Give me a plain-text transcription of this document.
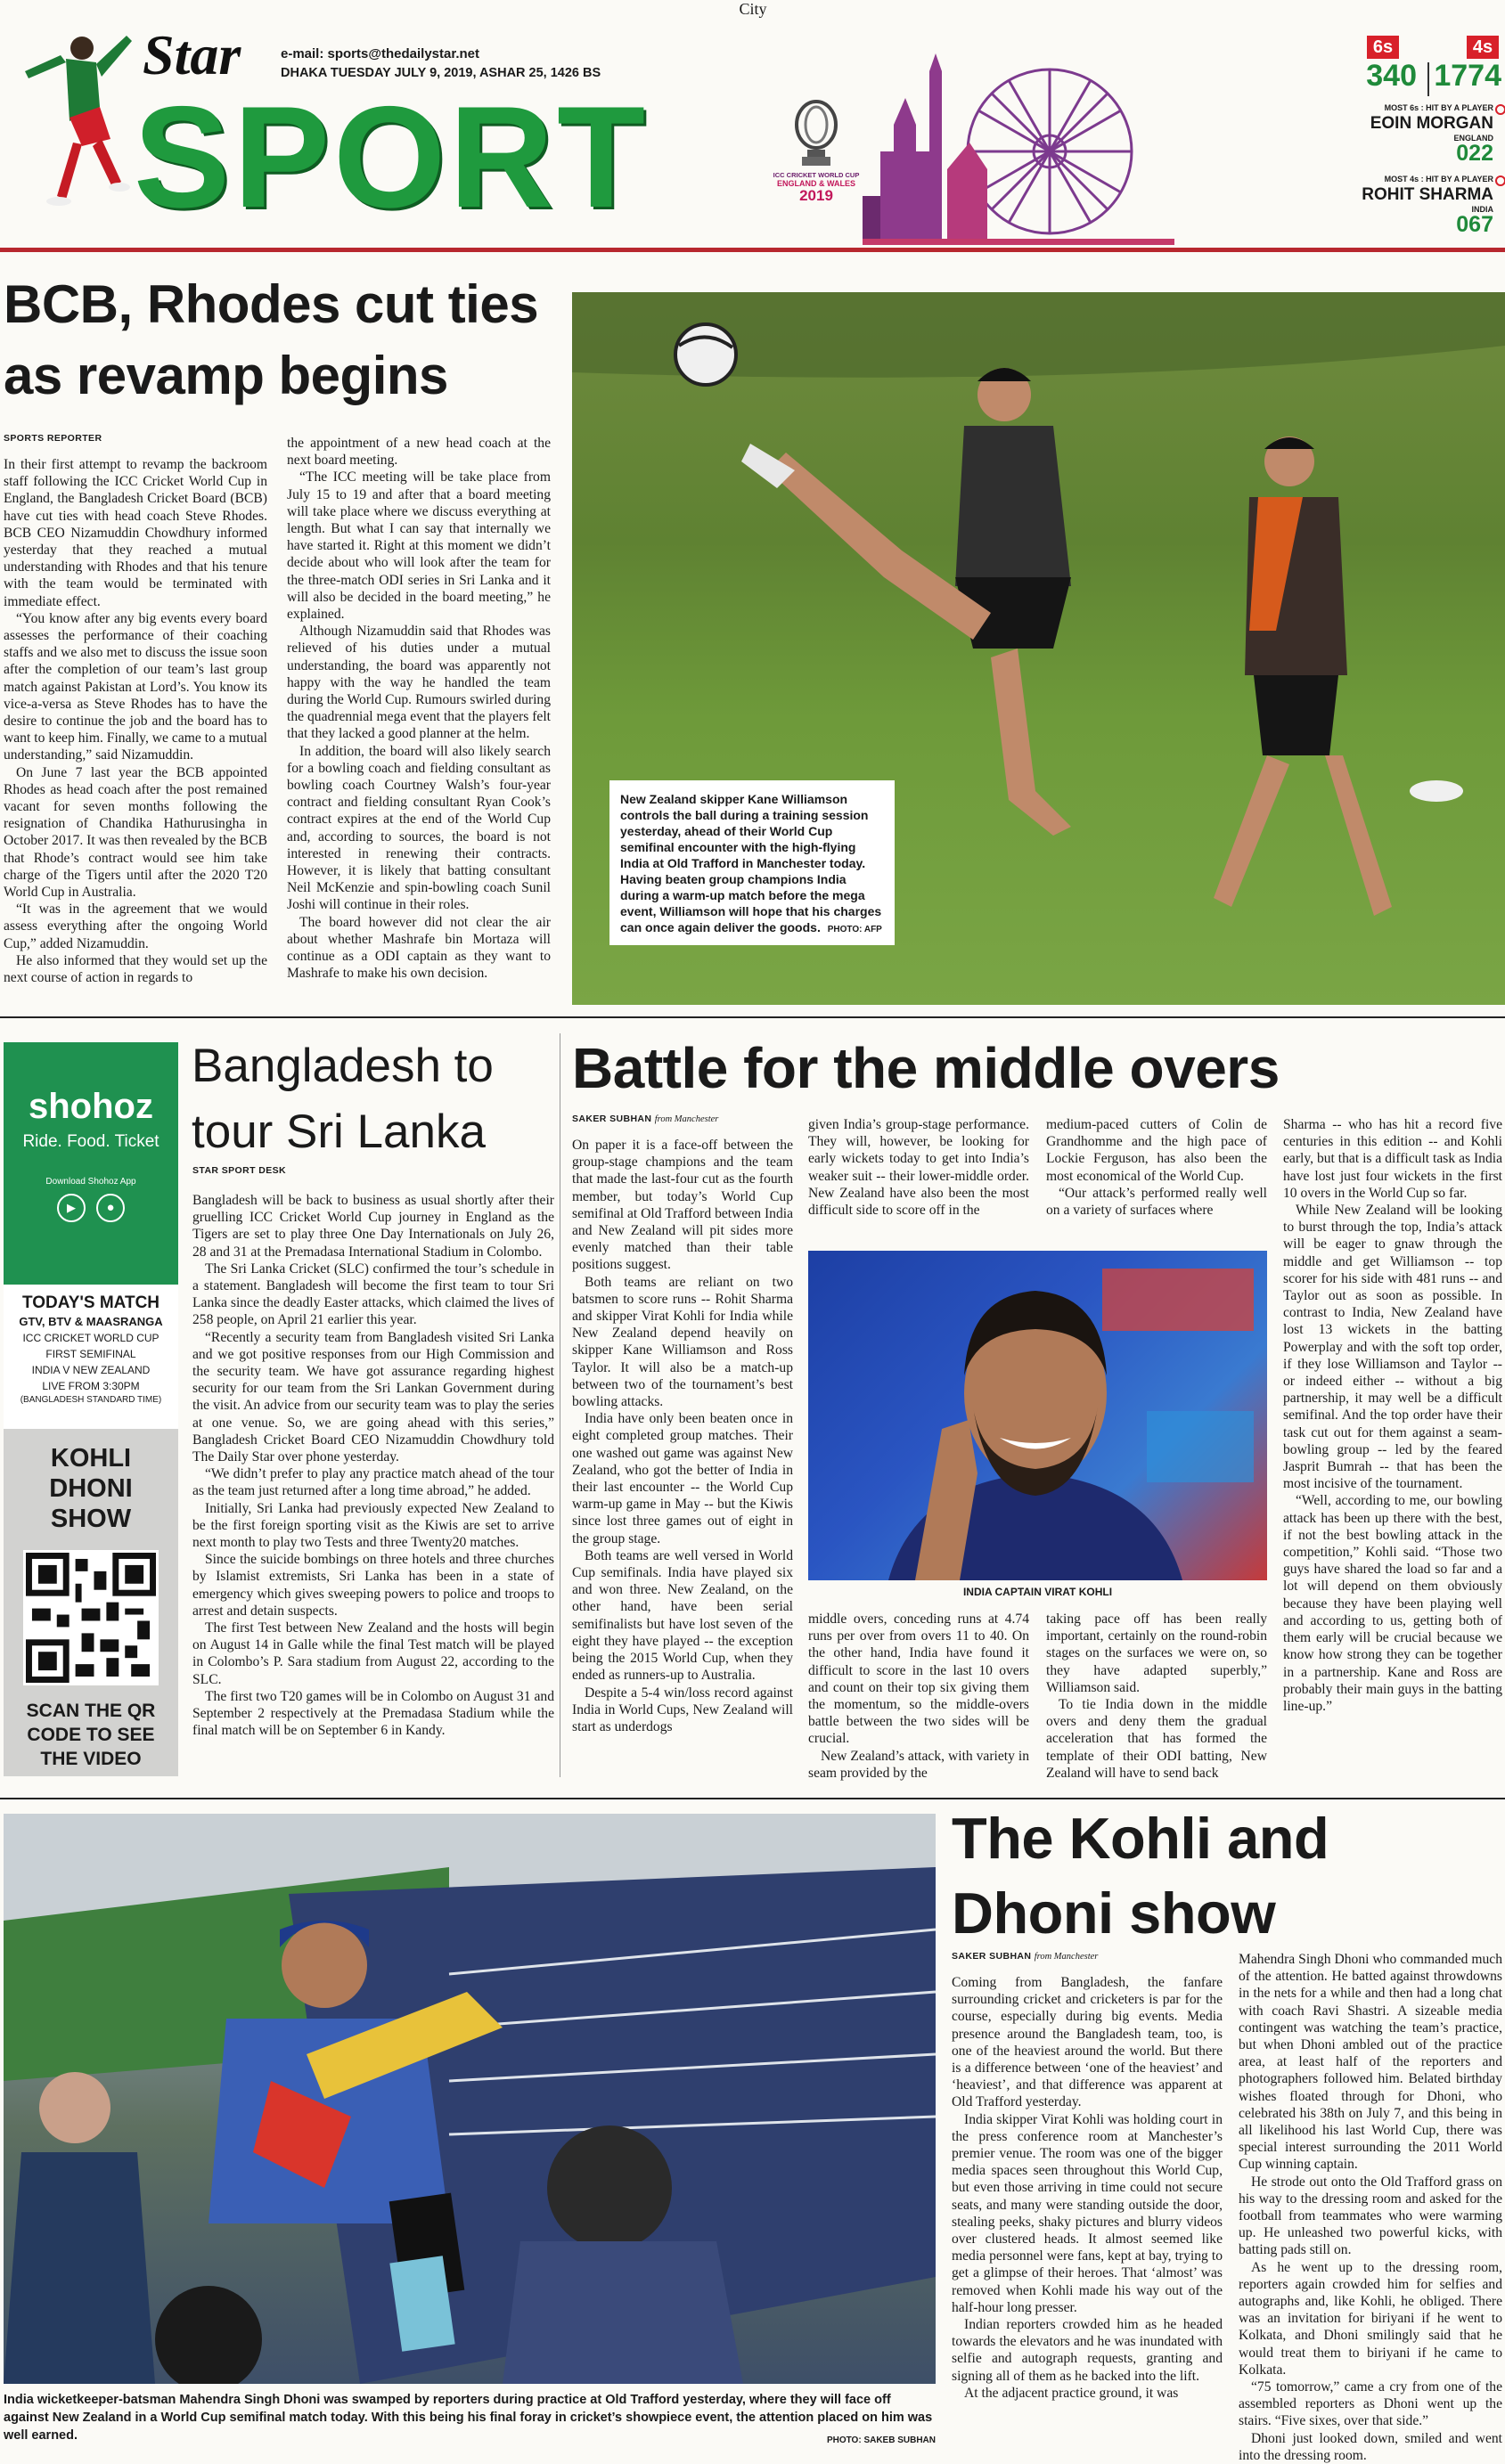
City
Star	e-mail: sports@thedailystar.net
DHAKA TUESDAY JULY 9, 2019, ASHAR 25, 1426 BS
SPORT	ICC CRICKET WORLD CUP
ENGLAND & WALES
2019
6s	4s
340 1774
MOST 6s : HIT BY A PLAYER
EOIN MORGAN
ENGLAND
022
MOST 4s : HIT BY A PLAYER
ROHIT SHARMA
INDIA
067
BCB, Rhodes cut ties as revamp begins
SPORTS REPORTER

In their first attempt to revamp the backroom staff following the ICC Cricket World Cup in England, the Bangladesh Cricket Board (BCB) have cut ties with head coach Steve Rhodes. BCB CEO Nizamuddin Chowdhury informed yesterday that they reached a mutual understanding with Rhodes and that his tenure with the team would be terminated with immediate effect.

“You know after any big events every board assesses the performance of their coaching staffs and we also met to discuss the issue soon after the completion of our team’s last group match against Pakistan at Lord’s. You know its vice-a-versa as Steve Rhodes has to have the desire to continue the job and the board has to want to keep him. Finally, we came to a mutual understanding,” said Nizamuddin.

On June 7 last year the BCB appointed Rhodes as head coach after the post remained vacant for seven months following the resignation of Chandika Hathurusingha in October 2017. It was then revealed by the BCB that Rhode’s contract would see him take charge of the Tigers until after the 2020 T20 World Cup in Australia.

“It was in the agreement that we would assess everything after the ongoing World Cup,” added Nizamuddin.

He also informed that they would set up the next course of action in regards to

the appointment of a new head coach at the next board meeting.

“The ICC meeting will be take place from July 15 to 19 and after that a board meeting will take place where we discuss everything at length. But what I can say that internally we have started it. Right at this moment we didn’t decide about who will look after the team for the three-match ODI series in Sri Lanka and it will also be decided in the board meeting,” he explained.

Although Nizamuddin said that Rhodes was relieved of his duties under a mutual understanding, the board was apparently not happy with the way he handled the team during the World Cup. Rumours swirled during the quadrennial mega event that the players felt that they lacked a good planner at the helm.

In addition, the board will also likely search for a bowling coach and fielding consultant as bowling coach Courtney Walsh’s four-year contract and fielding consultant Ryan Cook’s contract expires at the end of the World Cup and, according to sources, the board is not interested in renewing their contracts. However, it is likely that batting consultant Neil McKenzie and spin-bowling coach Sunil Joshi will continue in their roles.

The board however did not clear the air about whether Mashrafe bin Mortaza will continue as a ODI captain as they want to Mashrafe to make his own decision.

New Zealand skipper Kane Williamson controls the ball during a training session yesterday, ahead of their World Cup semifinal encounter with the high-flying India at Old Trafford in Manchester today. Having beaten group champions India during a warm-up match before the mega event, Williamson will hope that his charges can once again deliver the goods. PHOTO: AFP
shohoz
Ride. Food. Ticket
Download Shohoz App
▶ ●
TODAY'S MATCH
GTV, BTV & MAASRANGA
ICC CRICKET WORLD CUP
FIRST SEMIFINAL
INDIA V NEW ZEALAND
LIVE FROM 3:30PM
(BANGLADESH STANDARD TIME)
KOHLI
DHONI
SHOW
SCAN THE QR
CODE TO SEE
THE VIDEO
Bangladesh to tour Sri Lanka
STAR SPORT DESK

Bangladesh will be back to business as usual shortly after their gruelling ICC Cricket World Cup journey in England as the Tigers are set to play three One Day Internationals on July 26, 28 and 31 at the Premadasa International Stadium in Colombo.

The Sri Lanka Cricket (SLC) confirmed the tour’s schedule in a statement. Bangladesh will become the first team to tour Sri Lanka since the deadly Easter attacks, which claimed the lives of 258 people, on April 21 earlier this year.

“Recently a security team from Bangladesh visited Sri Lanka and we got positive responses from our High Commission and the security team. We have got assurance regarding highest security for our team from the Sri Lankan Government during the visit. An advice from our security team was to play the series at one venue. So, we are going ahead with this series,” Bangladesh Cricket Board CEO Nizamuddin Chowdhury told The Daily Star over phone yesterday.

“We didn’t prefer to play any practice match ahead of the tour as the team just returned after a long time abroad,” he added.

Initially, Sri Lanka had previously expected New Zealand to be the first foreign sporting visit as the Kiwis are set to arrive next month to play two Tests and three Twenty20 matches.

Since the suicide bombings on three hotels and three churches by Islamist extremists, Sri Lanka has been in a state of emergency which gives sweeping powers to police and troops to arrest and detain suspects.

The first Test between New Zealand and the hosts will begin on August 14 in Galle while the final Test match will be played in Colombo’s P. Sara stadium from August 22, according to the SLC.

The first two T20 games will be in Colombo on August 31 and September 2 respectively at the Premadasa Stadium while the final match will be on September 6 in Kandy.

Battle for the middle overs
SAKER SUBHAN from Manchester

On paper it is a face-off between the group-stage champions and the team that made the last-four cut as the fourth member, but today’s World Cup semifinal at Old Trafford between India and New Zealand will pit sides more evenly matched than their table positions suggest.

Both teams are reliant on two batsmen to score runs -- Rohit Sharma and skipper Virat Kohli for India while New Zealand depend heavily on skipper Kane Williamson and Ross Taylor. It will also be a match-up between two of the tournament’s best bowling attacks.

India have only been beaten once in eight completed group matches. Their one washed out game was against New Zealand, who got the better of India in their last encounter -- the World Cup warm-up game in May -- but the Kiwis since lost three games out of eight in the group stage.

Both teams are well versed in World Cup semifinals. India have played six and won three. New Zealand, on the other hand, have been serial semifinalists but have lost seven of the eight they have played -- the exception being the 2015 World Cup, when they ended as runners-up to Australia.

Despite a 5-4 win/loss record against India in World Cups, New Zealand will start as underdogs

given India’s group-stage performance. They will, however, be looking for early wickets today to get into India’s weaker suit -- their lower-middle order. New Zealand have also been the most difficult side to score off in the

medium-paced cutters of Colin de Grandhomme and the high pace of Lockie Ferguson, has also been the most economical of the World Cup.

“Our attack’s performed really well on a variety of surfaces where

Sharma -- who has hit a record five centuries in this edition -- and Kohli early, but that is a difficult task as India have lost just four wickets in the first 10 overs in the World Cup so far.

While New Zealand will be looking to burst through the top, India’s attack will be eager to gnaw through the middle and get Williamson -- top scorer for his side with 481 runs -- and Taylor out as soon as possible. In contrast to India, New Zealand have lost 13 wickets in the batting Powerplay and with the soft top order, if they lose Williamson and Taylor -- or indeed either -- without a big partnership, it may well be a difficult semifinal. And the top order have their task cut out for them against a seam-bowling group -- led by the feared Jasprit Bumrah -- that has been the most incisive of the tournament.

“Well, according to me, our bowling attack has been up there with the best, if not the best bowling attack in the competition,” Kohli said. “Those two guys have shared the load so far and a lot will depend on them obviously because they have been playing well and according to us, getting both of them early will be crucial because we know how strong they can be together in a partnership. Kane and Ross are probably their main guys in the batting line-up.”

INDIA CAPTAIN VIRAT KOHLI

middle overs, conceding runs at 4.74 runs per over from overs 11 to 40. On the other hand, India have found it difficult to score in the last 10 overs and count on their top six giving them the momentum, so the middle-overs battle between the two sides will be crucial.

New Zealand’s attack, with variety in seam provided by the

taking pace off has been really important, certainly on the round-robin stages on the surfaces we were on, so they have adapted superbly,” Williamson said.

To tie India down in the middle overs and deny them the gradual acceleration that has formed the template of their ODI batting, New Zealand will have to send back

India wicketkeeper-batsman Mahendra Singh Dhoni was swamped by reporters during practice at Old Trafford yesterday, where they will face off against New Zealand in a World Cup semifinal match today. With this being his final foray in cricket’s showpiece event, the attention placed on him was well earned.	PHOTO: SAKEB SUBHAN
The Kohli and Dhoni show
SAKER SUBHAN from Manchester

Coming from Bangladesh, the fanfare surrounding cricket and cricketers is par for the course, especially during big events. Media presence around the Bangladesh team, too, is one of the heaviest around the world. But there is a difference between ‘one of the heaviest’ and ‘heaviest’, and that difference was apparent at Old Trafford yesterday.

India skipper Virat Kohli was holding court in the press conference room at Manchester’s premier venue. The room was one of the bigger media spaces seen throughout this World Cup, but even those arriving in time could not secure seats, and many were standing outside the door, stealing peeks, shaky pictures and blurry videos over clustered heads. It almost seemed like media personnel were fans, kept at bay, trying to get a glimpse of their heroes. That ‘almost’ was removed when Kohli made his way out of the half-hour long presser.

Indian reporters crowded him as he headed towards the elevators and he was inundated with selfie and autograph requests, granting and signing all of them as he backed into the lift.

At the adjacent practice ground, it was

Mahendra Singh Dhoni who commanded much of the attention. He batted against throwdowns in the nets for a while and then had a long chat with coach Ravi Shastri. A sizeable media contingent was watching the team’s practice, but when Dhoni ambled out of the practice area, at least half of the reporters and photographers followed him. Belated birthday wishes floated through for Dhoni, who celebrated his 38th on July 7, and this being in all likelihood his last World Cup, there was special interest surrounding the 2011 World Cup winning captain.

He strode out onto the Old Trafford grass on his way to the dressing room and asked for the football from teammates who were warming up. He unleashed two powerful kicks, with batting pads still on.

As he went up to the dressing room, reporters again crowded him for selfies and autographs and, like Kohli, he obliged. There was an invitation for biriyani if he went to Kolkata, and Dhoni smilingly said that he would treat them to biriyani if he came to Kolkata.

“75 tomorrow,” came a cry from one of the assembled reporters as Dhoni went up the stairs. “Five sixes, over that side.”

Dhoni just looked down, smiled and went into the dressing room.
